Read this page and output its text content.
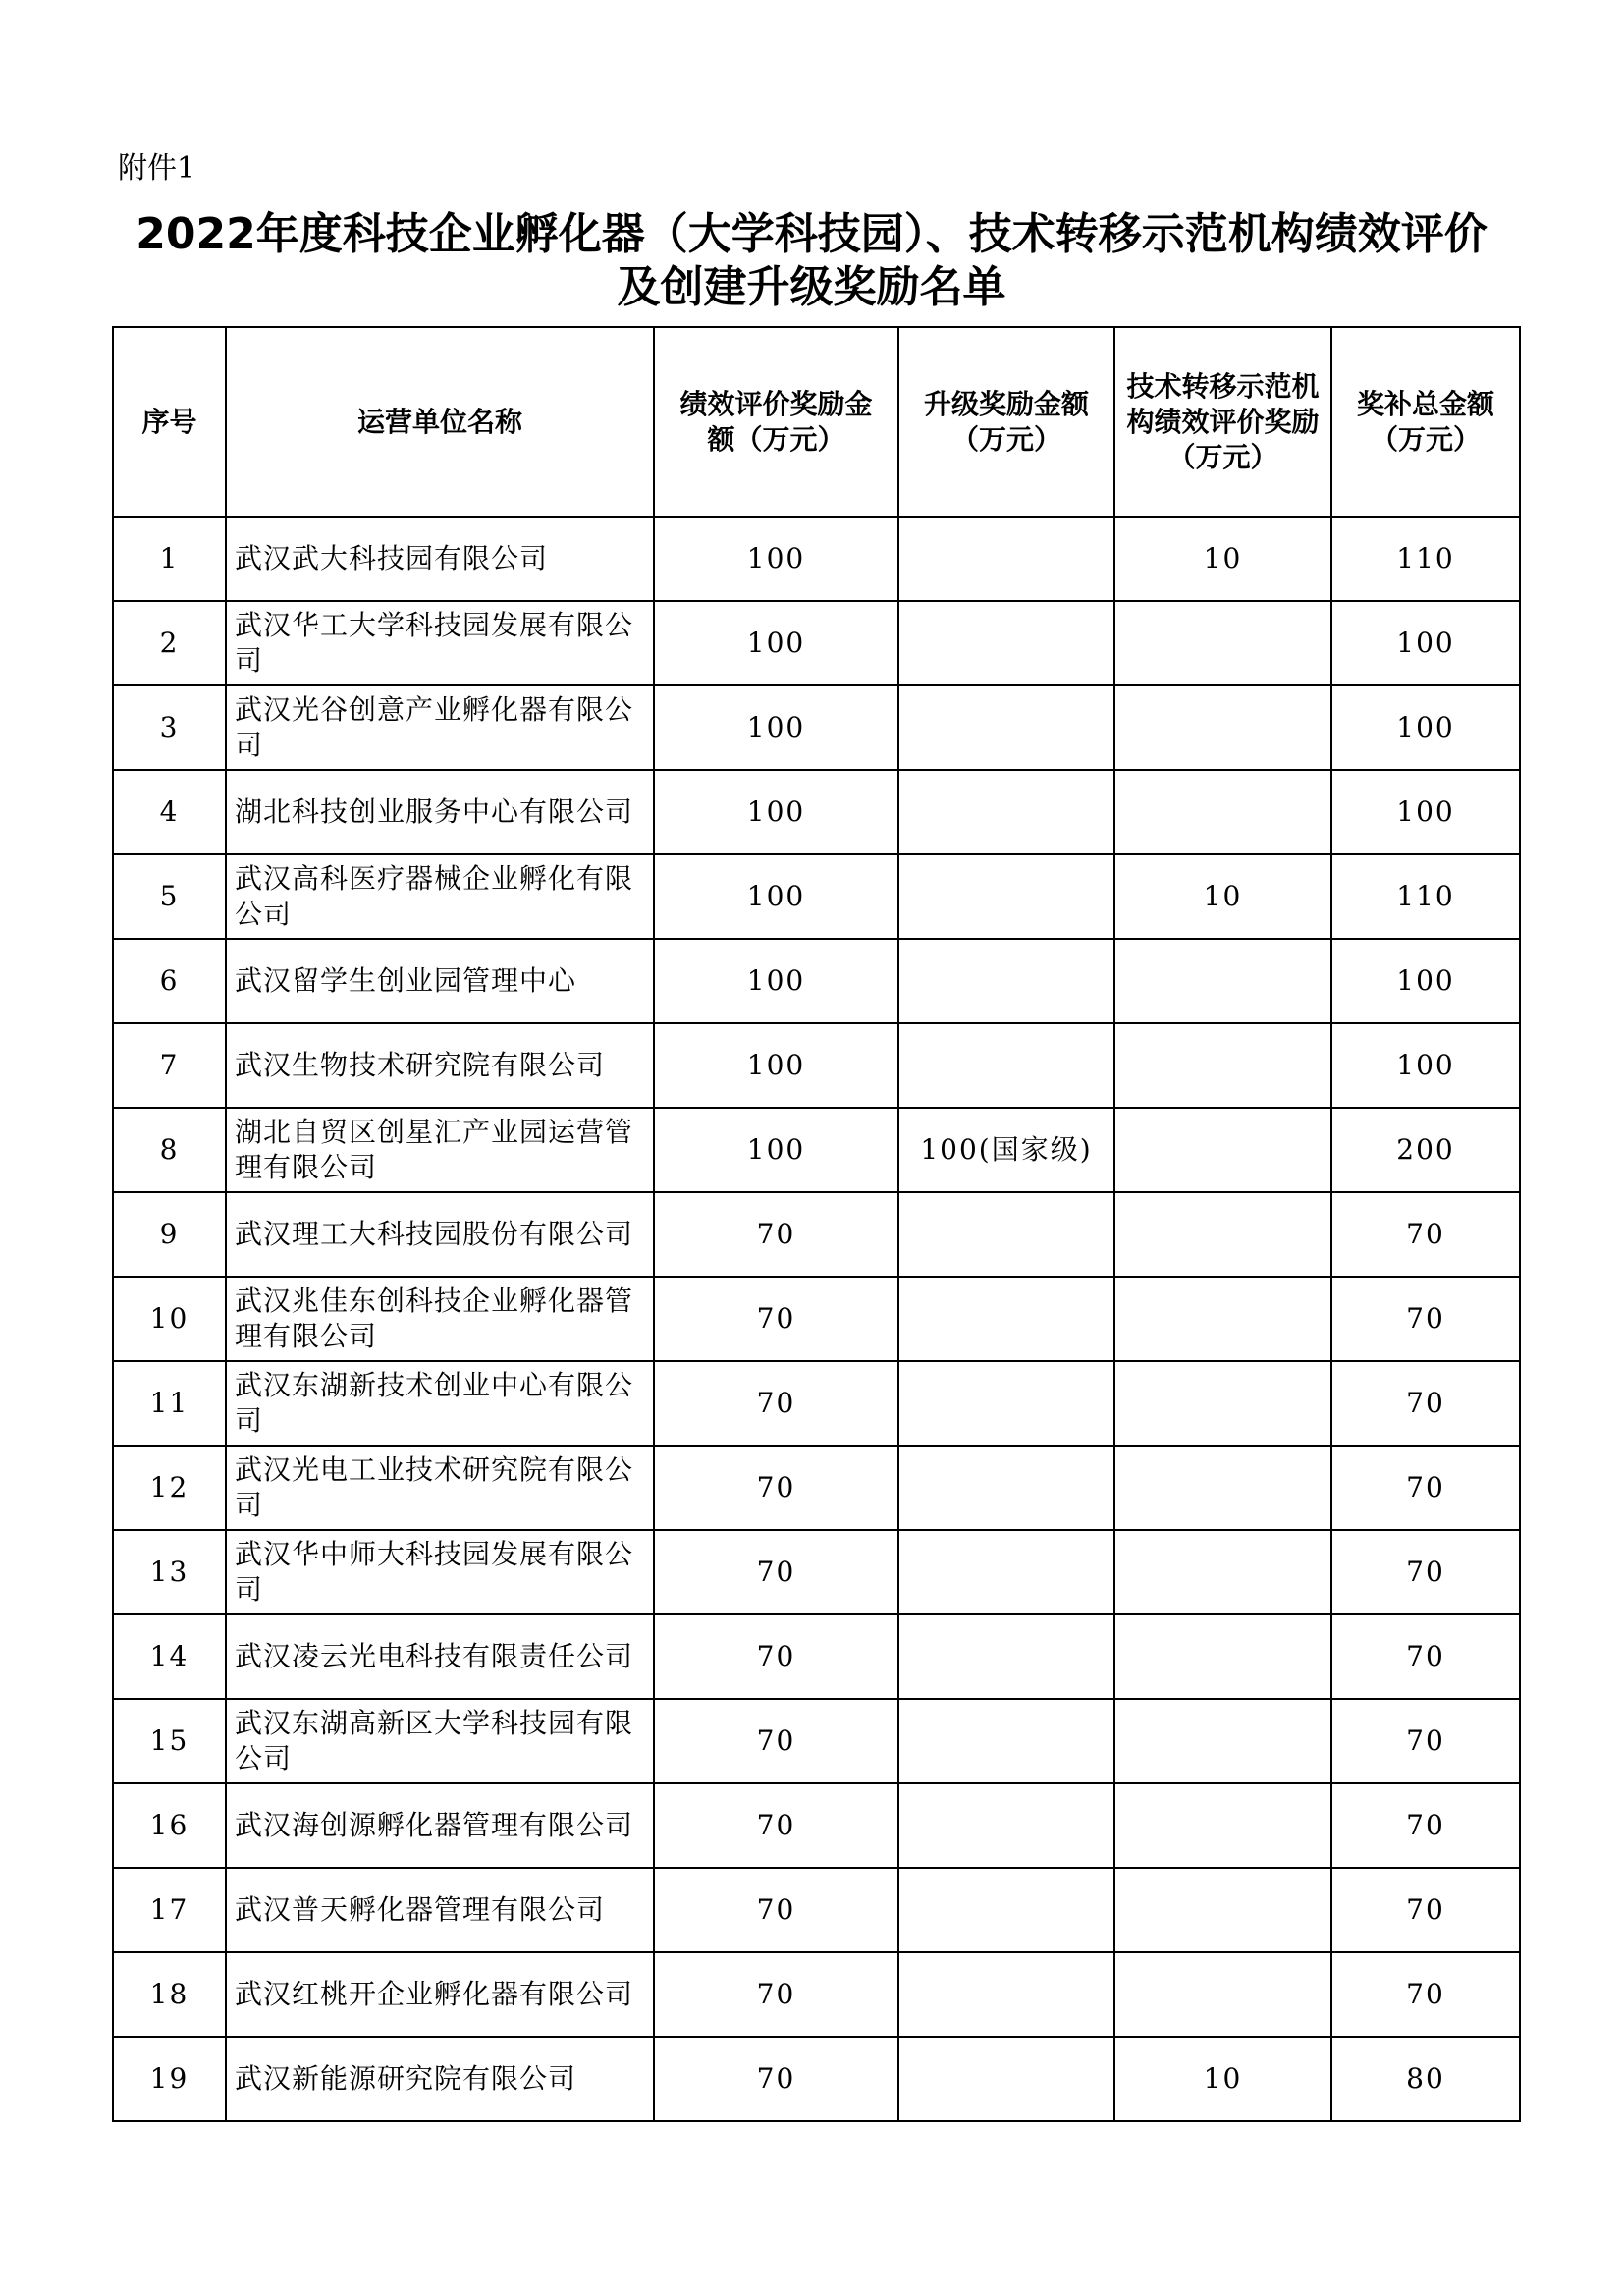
附件1
2022年度科技企业孵化器（大学科技园）、技术转移示范机构绩效评价
及创建升级奖励名单
序号	运营单位名称	绩效评价奖励金额（万元）	升级奖励金额（万元）	技术转移示范机构绩效评价奖励（万元）	奖补总金额（万元）
1	武汉武大科技园有限公司	100		10	110
2	武汉华工大学科技园发展有限公司	100			100
3	武汉光谷创意产业孵化器有限公司	100			100
4	湖北科技创业服务中心有限公司	100			100
5	武汉高科医疗器械企业孵化有限公司	100		10	110
6	武汉留学生创业园管理中心	100			100
7	武汉生物技术研究院有限公司	100			100
8	湖北自贸区创星汇产业园运营管理有限公司	100	100(国家级)		200
9	武汉理工大科技园股份有限公司	70			70
10	武汉兆佳东创科技企业孵化器管理有限公司	70			70
11	武汉东湖新技术创业中心有限公司	70			70
12	武汉光电工业技术研究院有限公司	70			70
13	武汉华中师大科技园发展有限公司	70			70
14	武汉凌云光电科技有限责任公司	70			70
15	武汉东湖高新区大学科技园有限公司	70			70
16	武汉海创源孵化器管理有限公司	70			70
17	武汉普天孵化器管理有限公司	70			70
18	武汉红桃开企业孵化器有限公司	70			70
19	武汉新能源研究院有限公司	70		10	80
